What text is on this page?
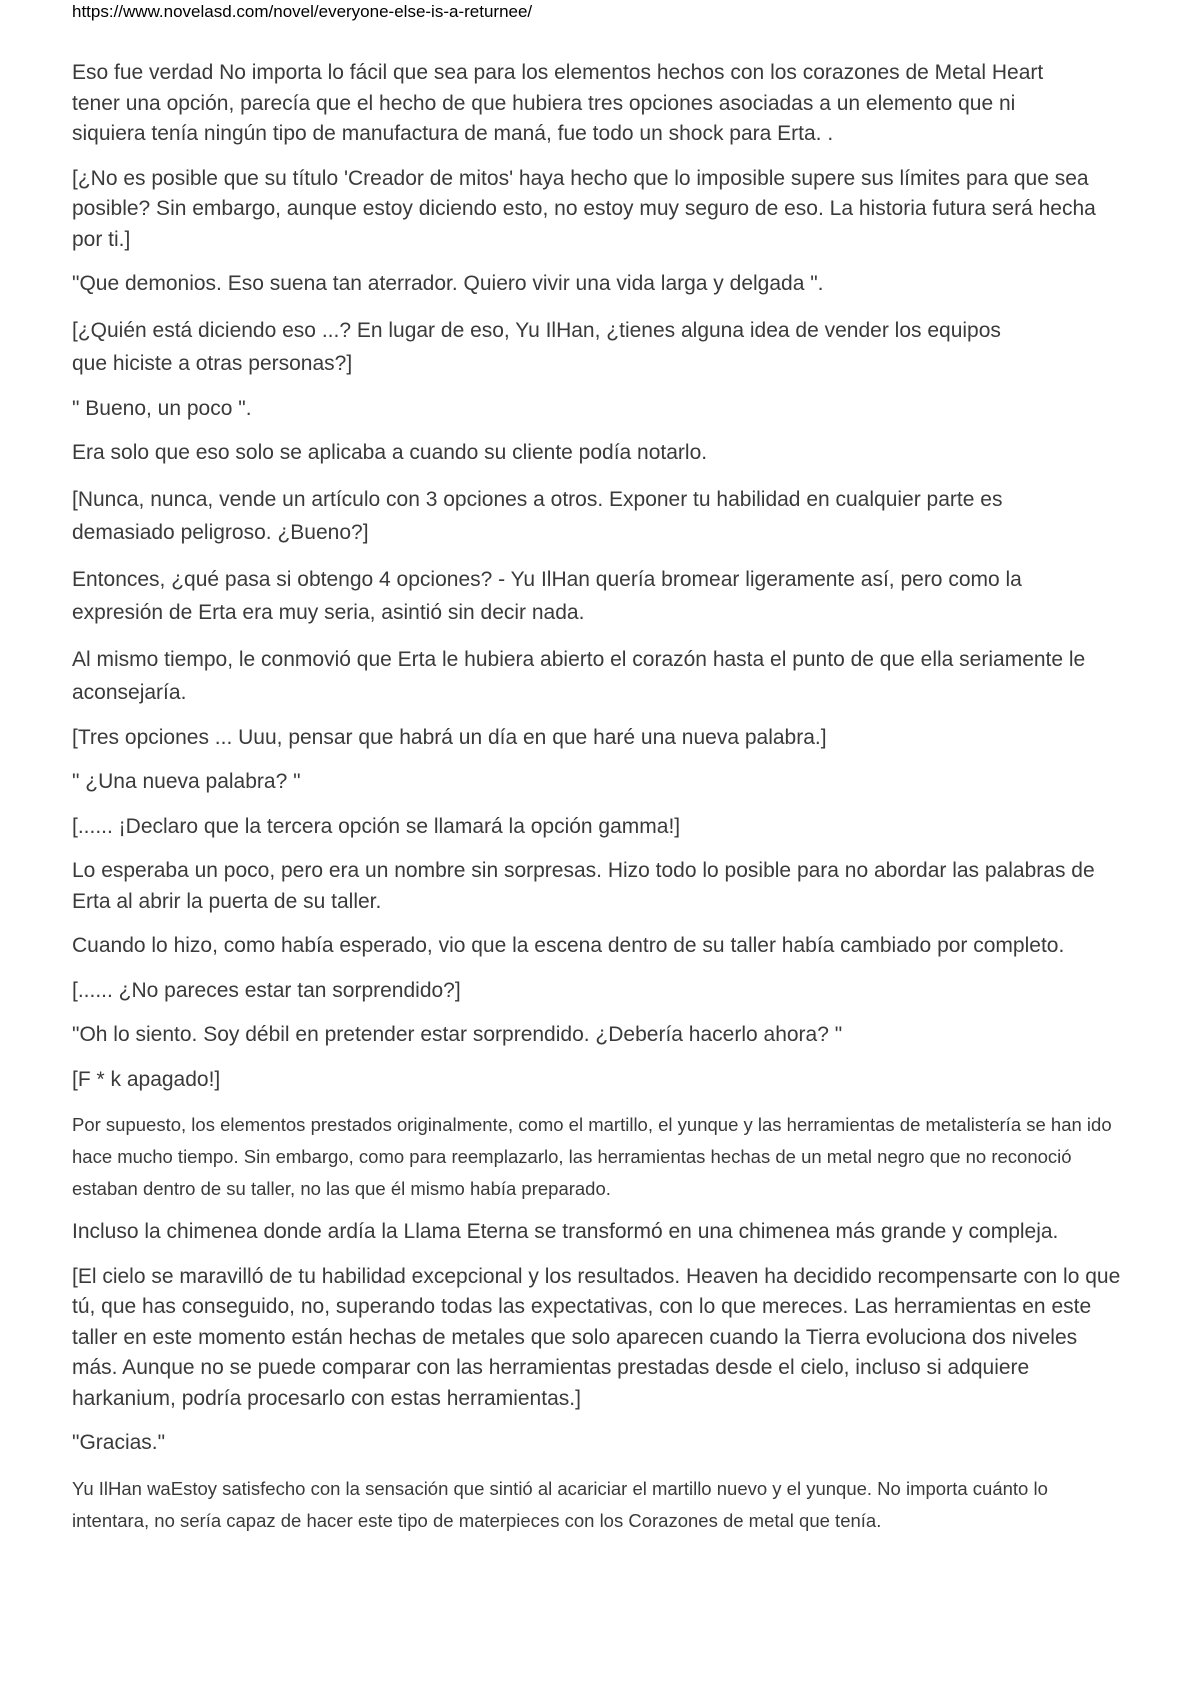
https://www.novelasd.com/novel/everyone-else-is-a-returnee/

Eso fue verdad No importa lo fácil que sea para los elementos hechos con los corazones de Metal Heart tener una opción, parecía que el hecho de que hubiera tres opciones asociadas a un elemento que ni siquiera tenía ningún tipo de manufactura de maná, fue todo un shock para Erta. .

[¿No es posible que su título 'Creador de mitos' haya hecho que lo imposible supere sus límites para que sea posible? Sin embargo, aunque estoy diciendo esto, no estoy muy seguro de eso. La historia futura será hecha por ti.]

"Que demonios. Eso suena tan aterrador. Quiero vivir una vida larga y delgada ".

[¿Quién está diciendo eso ...? En lugar de eso, Yu IlHan, ¿tienes alguna idea de vender los equipos que hiciste a otras personas?]

" Bueno, un poco ".

Era solo que eso solo se aplicaba a cuando su cliente podía notarlo.

[Nunca, nunca, vende un artículo con 3 opciones a otros. Exponer tu habilidad en cualquier parte es demasiado peligroso. ¿Bueno?]

Entonces, ¿qué pasa si obtengo 4 opciones? - Yu IlHan quería bromear ligeramente así, pero como la expresión de Erta era muy seria, asintió sin decir nada.

Al mismo tiempo, le conmovió que Erta le hubiera abierto el corazón hasta el punto de que ella seriamente le aconsejaría.

[Tres opciones ... Uuu, pensar que habrá un día en que haré una nueva palabra.]

" ¿Una nueva palabra? "

[...... ¡Declaro que la tercera opción se llamará la opción gamma!]

Lo esperaba un poco, pero era un nombre sin sorpresas. Hizo todo lo posible para no abordar las palabras de Erta al abrir la puerta de su taller.

Cuando lo hizo, como había esperado, vio que la escena dentro de su taller había cambiado por completo.

[...... ¿No pareces estar tan sorprendido?]

"Oh lo siento. Soy débil en pretender estar sorprendido. ¿Debería hacerlo ahora? "

[F * k apagado!]

Por supuesto, los elementos prestados originalmente, como el martillo, el yunque y las herramientas de metalistería se han ido hace mucho tiempo. Sin embargo, como para reemplazarlo, las herramientas hechas de un metal negro que no reconoció estaban dentro de su taller, no las que él mismo había preparado.

Incluso la chimenea donde ardía la Llama Eterna se transformó en una chimenea más grande y compleja.

[El cielo se maravilló de tu habilidad excepcional y los resultados. Heaven ha decidido recompensarte con lo que tú, que has conseguido, no, superando todas las expectativas, con lo que mereces. Las herramientas en este taller en este momento están hechas de metales que solo aparecen cuando la Tierra evoluciona dos niveles más. Aunque no se puede comparar con las herramientas prestadas desde el cielo, incluso si adquiere harkanium, podría procesarlo con estas herramientas.]

"Gracias."

Yu IlHan waEstoy satisfecho con la sensación que sintió al acariciar el martillo nuevo y el yunque. No importa cuánto lo intentara, no sería capaz de hacer este tipo de materpieces con los Corazones de metal que tenía.
